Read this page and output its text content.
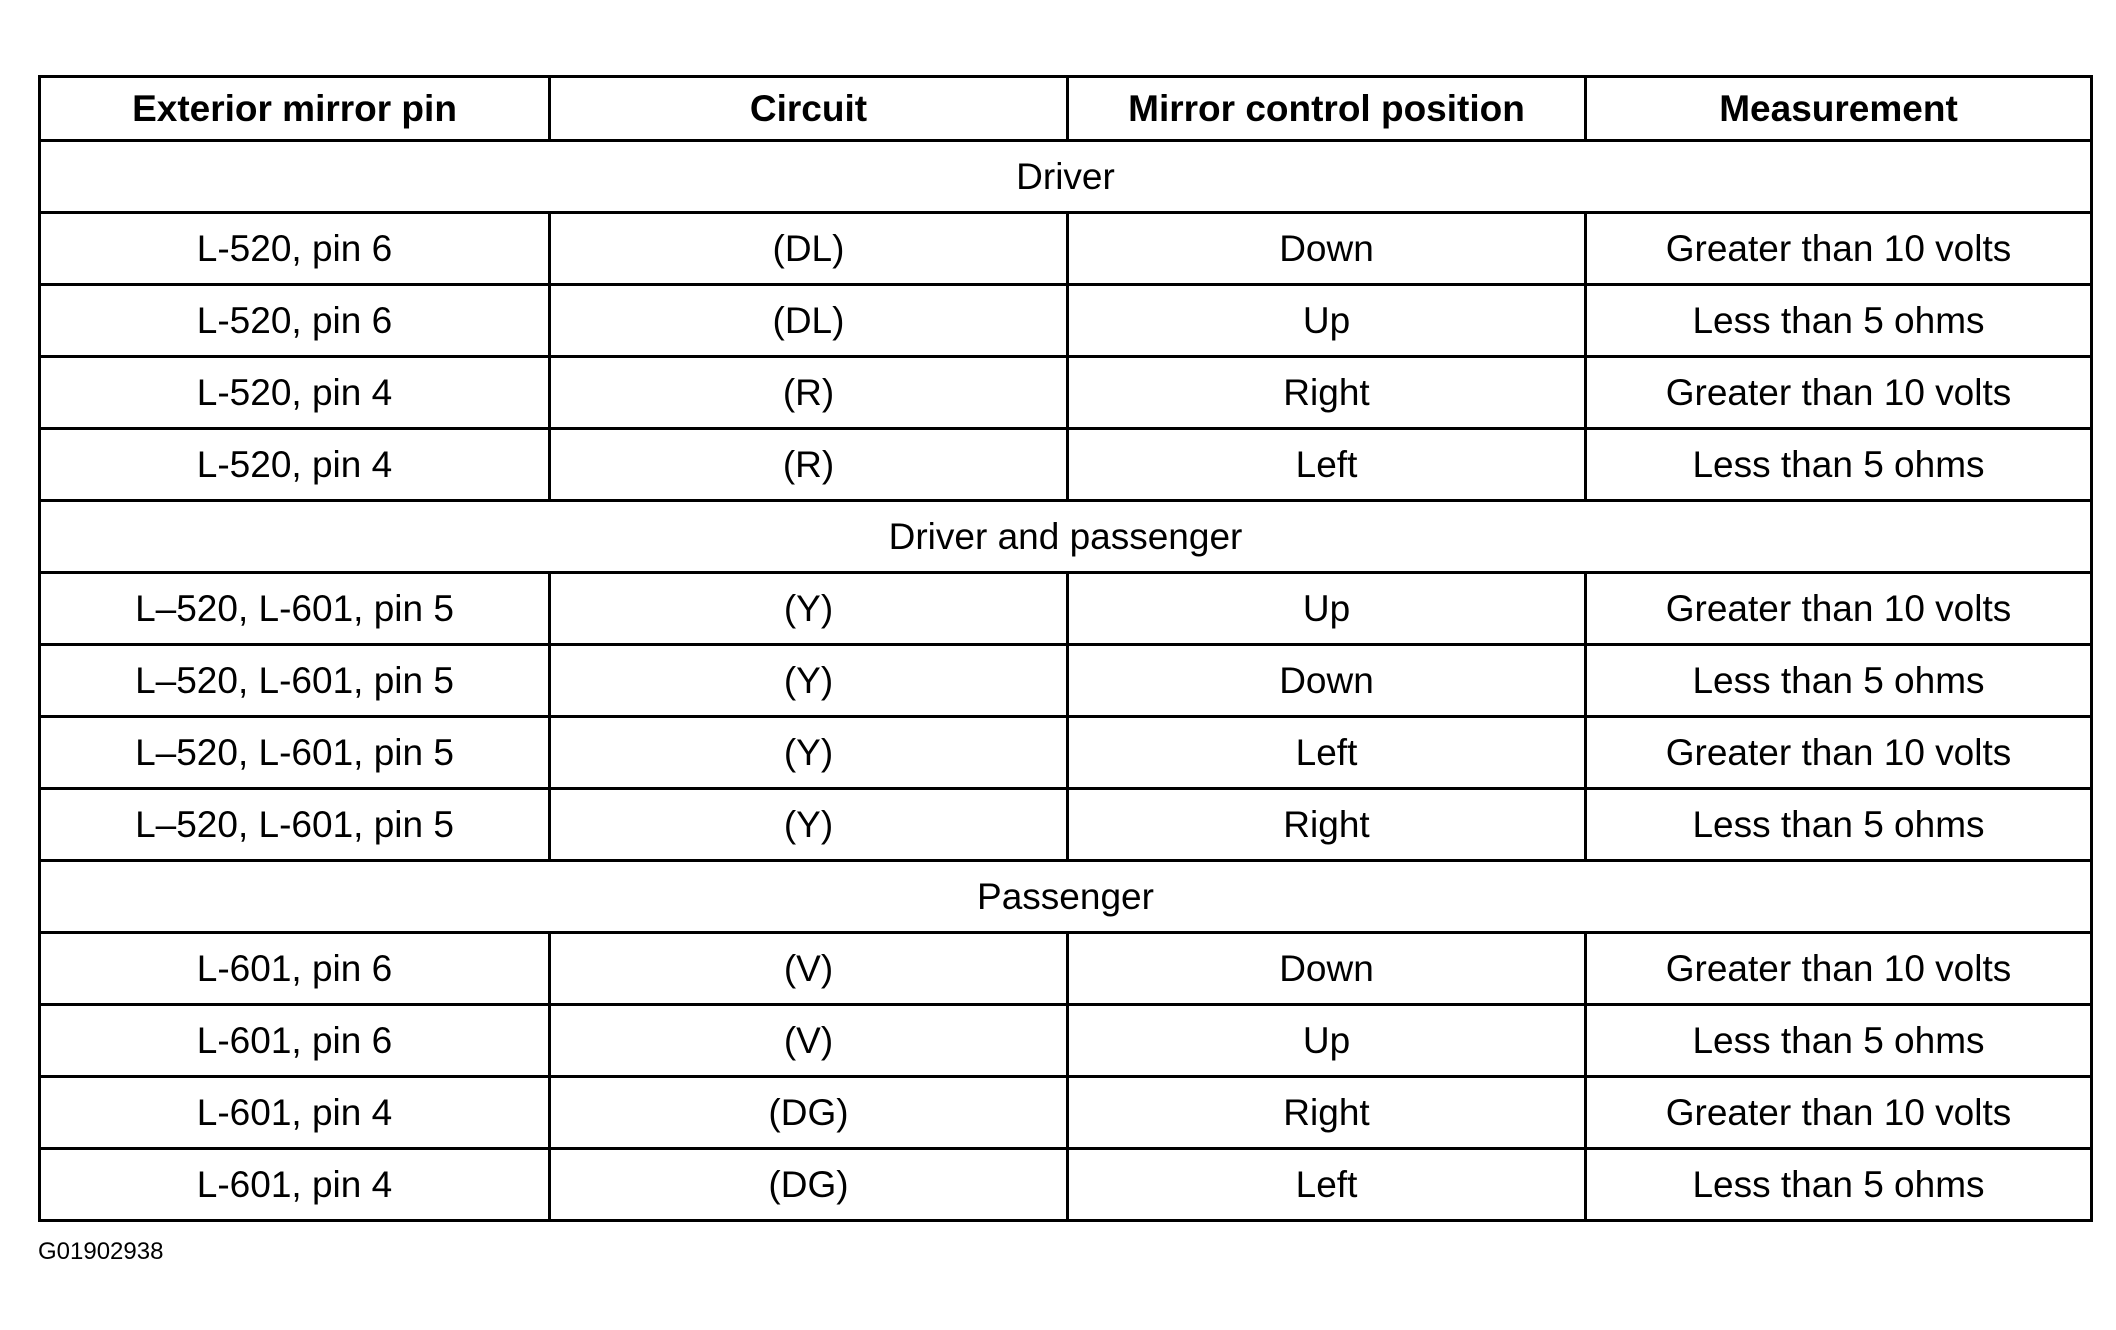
Exterior mirror pin	Circuit	Mirror control position	Measurement
Driver			
L-520, pin 6	(DL)	Down	Greater than 10 volts
L-520, pin 6	(DL)	Up	Less than 5 ohms
L-520, pin 4	(R)	Right	Greater than 10 volts
L-520, pin 4	(R)	Left	Less than 5 ohms
Driver and passenger			
L–520, L-601, pin 5	(Y)	Up	Greater than 10 volts
L–520, L-601, pin 5	(Y)	Down	Less than 5 ohms
L–520, L-601, pin 5	(Y)	Left	Greater than 10 volts
L–520, L-601, pin 5	(Y)	Right	Less than 5 ohms
Passenger			
L-601, pin 6	(V)	Down	Greater than 10 volts
L-601, pin 6	(V)	Up	Less than 5 ohms
L-601, pin 4	(DG)	Right	Greater than 10 volts
L-601, pin 4	(DG)	Left	Less than 5 ohms
G01902938
